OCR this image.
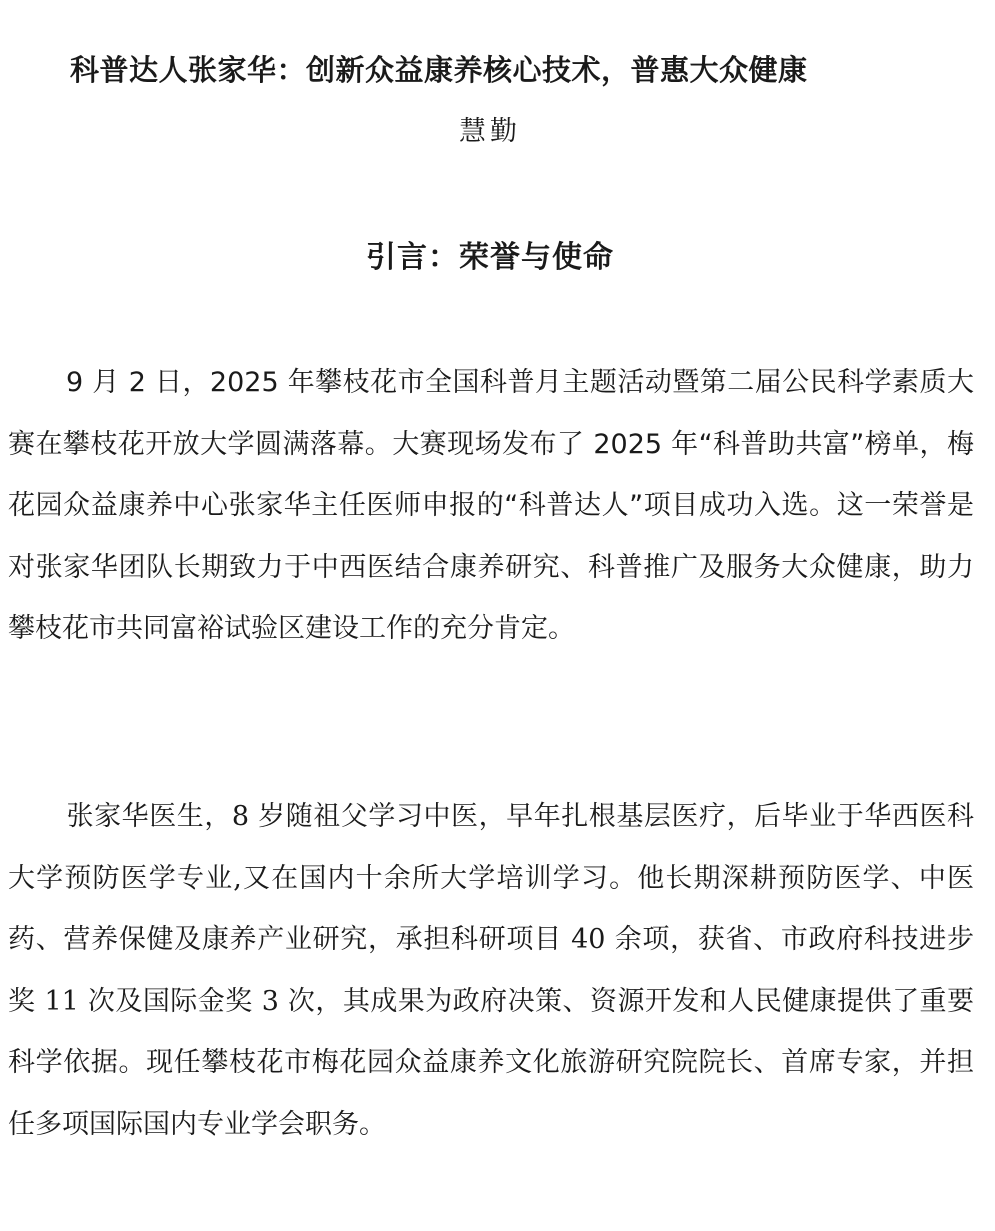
科普达人张家华：创新众益康养核心技术，普惠大众健康
慧勤
引言：荣誉与使命

9 月 2 日，2025 年攀枝花市全国科普月主题活动暨第二届公民科学素质大赛在攀枝花开放大学圆满落幕。大赛现场发布了 2025 年“科普助共富”榜单，梅花园众益康养中心张家华主任医师申报的“科普达人”项目成功入选。这一荣誉是对张家华团队长期致力于中西医结合康养研究、科普推广及服务大众健康，助力攀枝花市共同富裕试验区建设工作的充分肯定。

张家华医生，8 岁随祖父学习中医，早年扎根基层医疗，后毕业于华西医科大学预防医学专业,又在国内十余所大学培训学习。他长期深耕预防医学、中医药、营养保健及康养产业研究，承担科研项目 40 余项，获省、市政府科技进步奖 11 次及国际金奖 3 次，其成果为政府决策、资源开发和人民健康提供了重要科学依据。现任攀枝花市梅花园众益康养文化旅游研究院院长、首席专家，并担任多项国际国内专业学会职务。
